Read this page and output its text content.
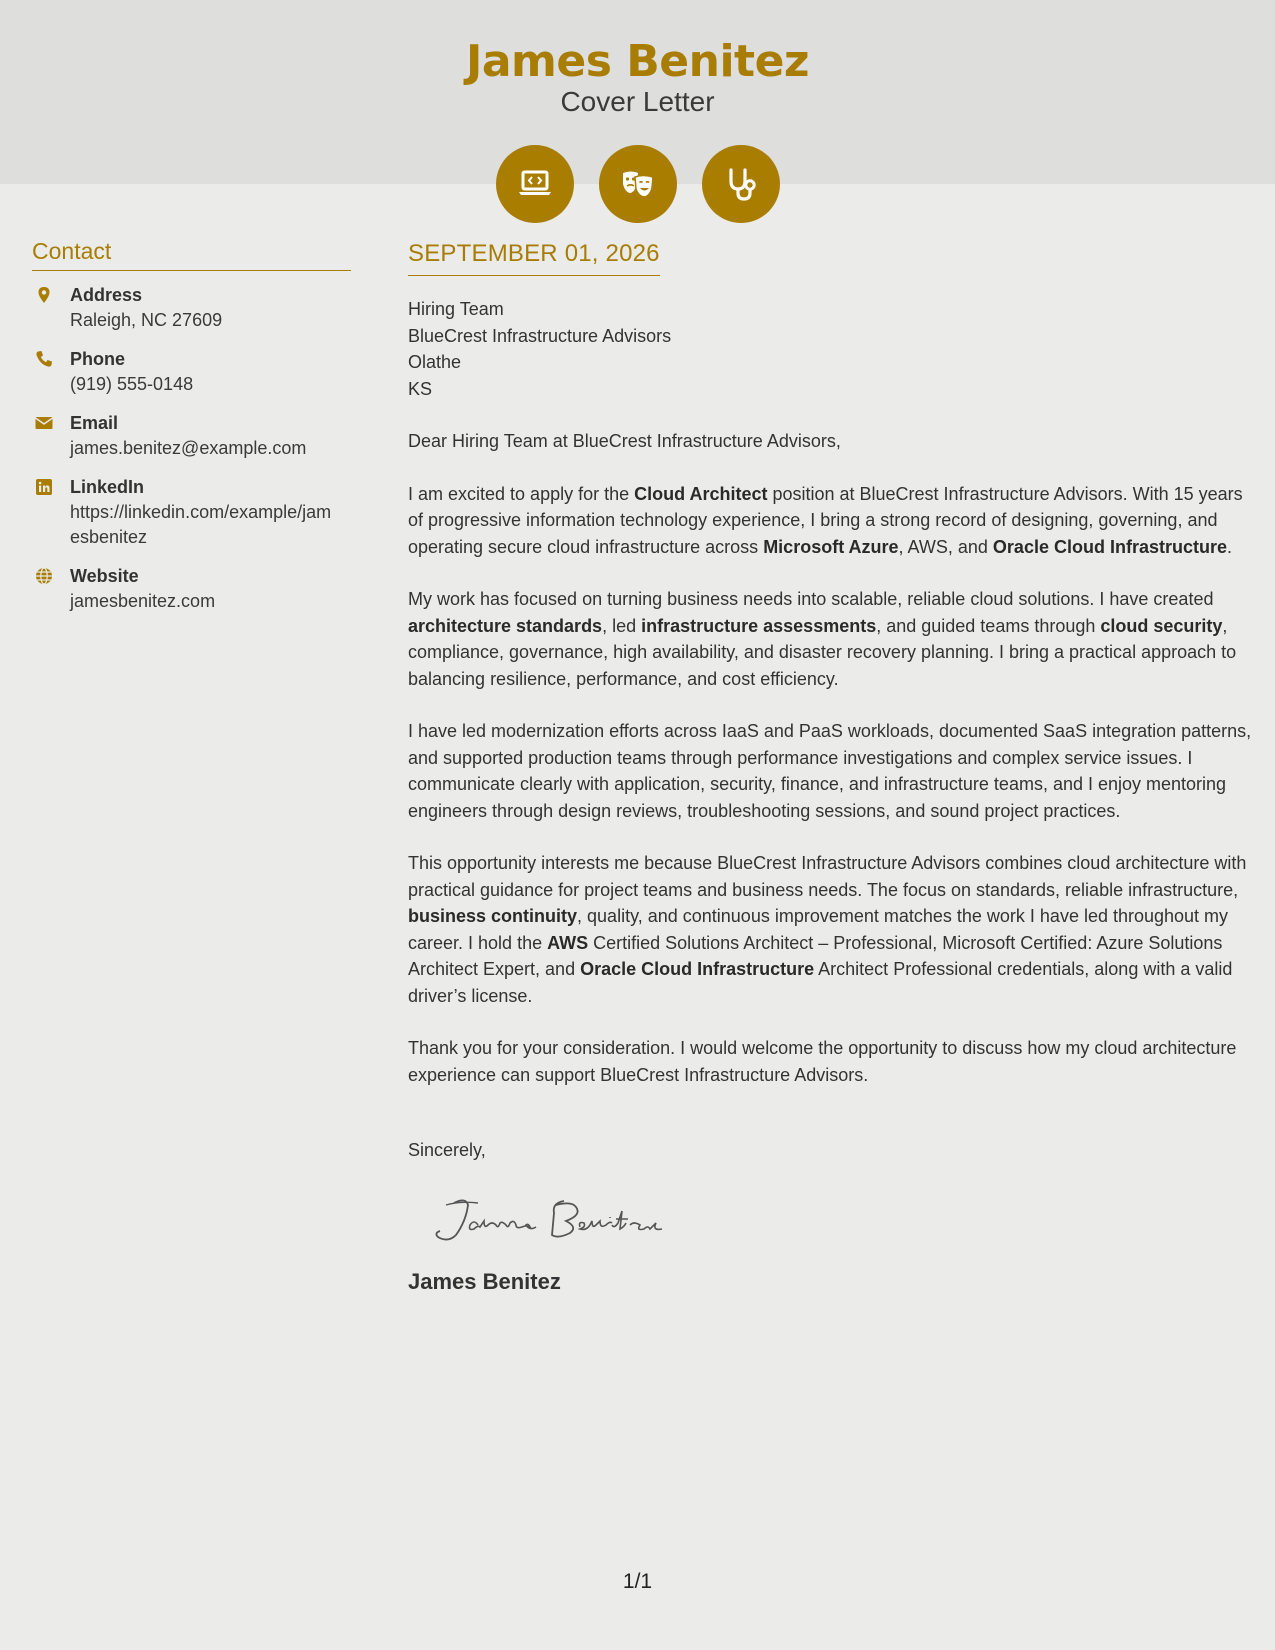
James Benitez
Cover Letter
Contact
Address
Raleigh, NC 27609
Phone
(919) 555-0148
Email
james.benitez@example.com
LinkedIn
https://linkedin.com/example/jamesbenitez
Website
jamesbenitez.com
SEPTEMBER 01, 2026
Hiring Team
BlueCrest Infrastructure Advisors
Olathe
KS
Dear Hiring Team at BlueCrest Infrastructure Advisors,
I am excited to apply for the Cloud Architect position at BlueCrest Infrastructure Advisors. With 15 years of progressive information technology experience, I bring a strong record of designing, governing, and operating secure cloud infrastructure across Microsoft Azure, AWS, and Oracle Cloud Infrastructure.
My work has focused on turning business needs into scalable, reliable cloud solutions. I have created architecture standards, led infrastructure assessments, and guided teams through cloud security, compliance, governance, high availability, and disaster recovery planning. I bring a practical approach to balancing resilience, performance, and cost efficiency.
I have led modernization efforts across IaaS and PaaS workloads, documented SaaS integration patterns, and supported production teams through performance investigations and complex service issues. I communicate clearly with application, security, finance, and infrastructure teams, and I enjoy mentoring engineers through design reviews, troubleshooting sessions, and sound project practices.
This opportunity interests me because BlueCrest Infrastructure Advisors combines cloud architecture with practical guidance for project teams and business needs. The focus on standards, reliable infrastructure, business continuity, quality, and continuous improvement matches the work I have led throughout my career. I hold the AWS Certified Solutions Architect – Professional, Microsoft Certified: Azure Solutions Architect Expert, and Oracle Cloud Infrastructure Architect Professional credentials, along with a valid driver’s license.
Thank you for your consideration. I would welcome the opportunity to discuss how my cloud architecture experience can support BlueCrest Infrastructure Advisors.
Sincerely,
James Benitez
1/1
